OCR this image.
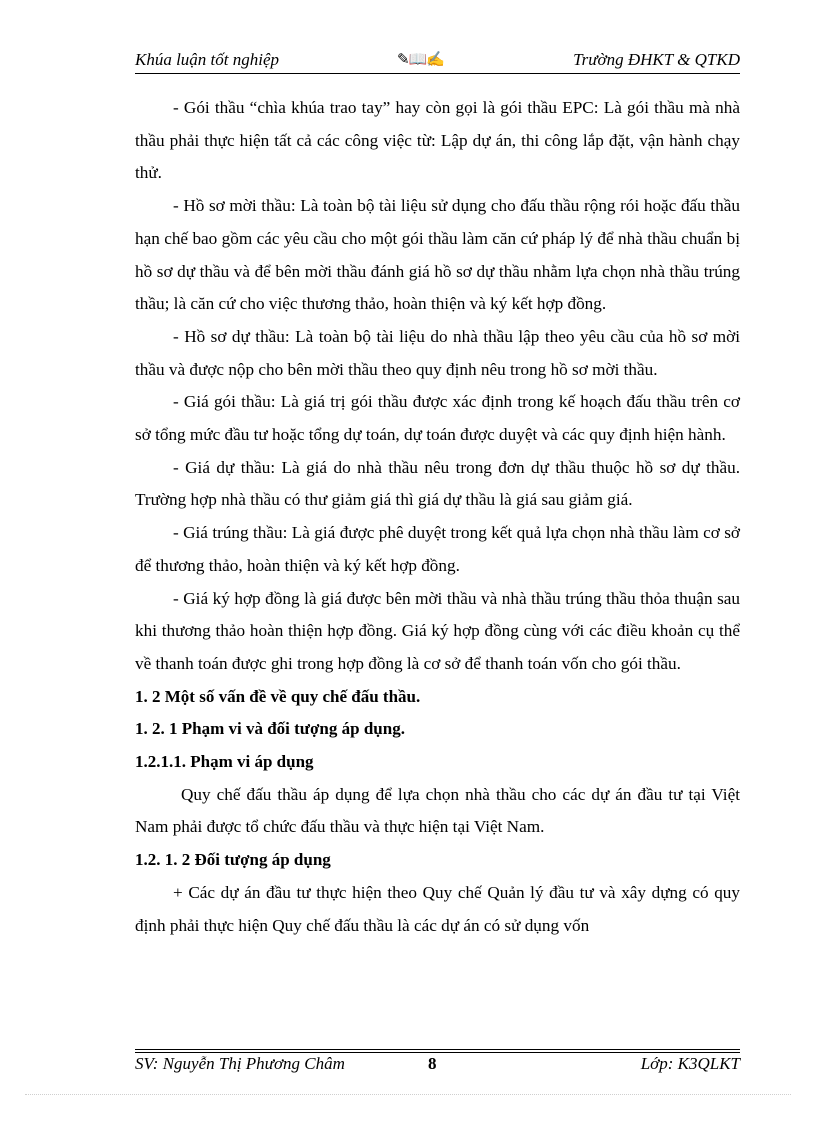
Khúa luận tốt nghiệp	✎📖✍	Trường ĐHKT & QTKD

- Gói thầu “chìa khúa trao tay” hay còn gọi là gói thầu EPC: Là gói thầu mà nhà thầu phải thực hiện tất cả các công việc từ: Lập dự án, thi công lắp đặt, vận hành chạy thử.

- Hồ sơ mời thầu: Là toàn bộ tài liệu sử dụng cho đấu thầu rộng rói hoặc đấu thầu hạn chế bao gồm các yêu cầu cho một gói thầu làm căn cứ pháp lý để nhà thầu chuẩn bị hồ sơ dự thầu và để bên mời thầu đánh giá hồ sơ dự thầu nhằm lựa chọn nhà thầu trúng thầu; là căn cứ cho việc thương thảo, hoàn thiện và ký kết hợp đồng.

- Hồ sơ dự thầu: Là toàn bộ tài liệu do nhà thầu lập theo yêu cầu của hồ sơ mời thầu và được nộp cho bên mời thầu theo quy định nêu trong hồ sơ mời thầu.

- Giá gói thầu: Là giá trị gói thầu được xác định trong kế hoạch đấu thầu trên cơ sở tổng mức đầu tư hoặc tổng dự toán, dự toán được duyệt và các quy định hiện hành.

- Giá dự thầu: Là giá do nhà thầu nêu trong đơn dự thầu thuộc hồ sơ dự thầu. Trường hợp nhà thầu có thư giảm giá thì giá dự thầu là giá sau giảm giá.

- Giá trúng thầu: Là giá được phê duyệt trong kết quả lựa chọn nhà thầu làm cơ sở để thương thảo, hoàn thiện và ký kết hợp đồng.

- Giá ký hợp đồng là giá được bên mời thầu và nhà thầu trúng thầu thỏa thuận sau khi thương thảo hoàn thiện hợp đồng. Giá ký hợp đồng cùng với các điều khoản cụ thể về thanh toán được ghi trong hợp đồng là cơ sở để thanh toán vốn cho gói thầu.

1. 2 Một số vấn đề về quy chế đấu thầu.
1. 2. 1 Phạm vi và đối tượng áp dụng.
1.2.1.1. Phạm vi áp dụng

Quy chế đấu thầu áp dụng để lựa chọn nhà thầu cho các dự án đầu tư tại Việt Nam phải được tổ chức đấu thầu và thực hiện tại Việt Nam.

1.2. 1. 2 Đối tượng áp dụng

+ Các dự án đầu tư thực hiện theo Quy chế Quản lý đầu tư và xây dựng có quy định phải thực hiện Quy chế đấu thầu là các dự án có sử dụng vốn

SV: Nguyễn Thị Phương Châm	8	Lớp: K3QLKT
